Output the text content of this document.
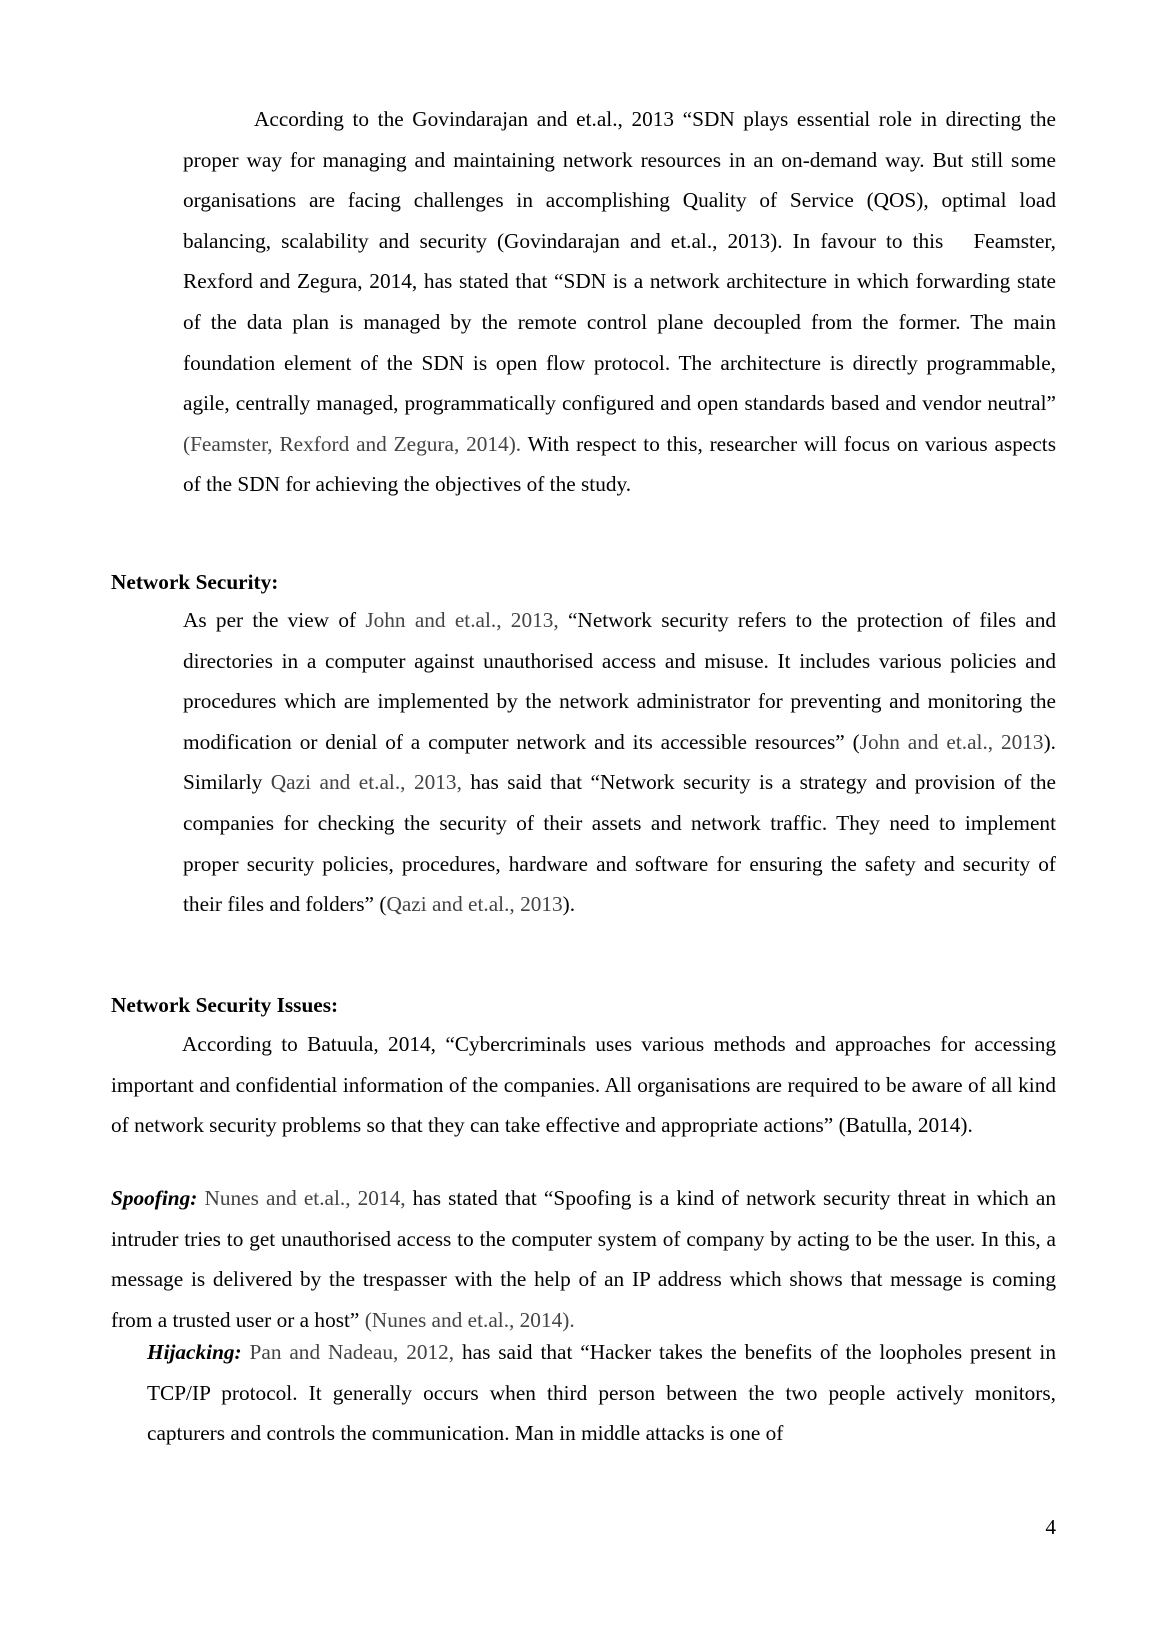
According to the Govindarajan and et.al., 2013 “SDN plays essential role in directing the proper way for managing and maintaining network resources in an on-demand way. But still some organisations are facing challenges in accomplishing Quality of Service (QOS), optimal load balancing, scalability and security (Govindarajan and et.al., 2013). In favour to this   Feamster, Rexford and Zegura, 2014, has stated that “SDN is a network architecture in which forwarding state of the data plan is managed by the remote control plane decoupled from the former. The main foundation element of the SDN is open flow protocol. The architecture is directly programmable, agile, centrally managed, programmatically configured and open standards based and vendor neutral” (Feamster, Rexford and Zegura, 2014). With respect to this, researcher will focus on various aspects of the SDN for achieving the objectives of the study.

Network Security:

As per the view of John and et.al., 2013, “Network security refers to the protection of files and directories in a computer against unauthorised access and misuse. It includes various policies and procedures which are implemented by the network administrator for preventing and monitoring the modification or denial of a computer network and its accessible resources” (John and et.al., 2013). Similarly Qazi and et.al., 2013, has said that “Network security is a strategy and provision of the companies for checking the security of their assets and network traffic. They need to implement proper security policies, procedures, hardware and software for ensuring the safety and security of their files and folders” (Qazi and et.al., 2013).

Network Security Issues:

According to Batuula, 2014, “Cybercriminals uses various methods and approaches for accessing important and confidential information of the companies. All organisations are required to be aware of all kind of network security problems so that they can take effective and appropriate actions” (Batulla, 2014).

Spoofing: Nunes and et.al., 2014, has stated that “Spoofing is a kind of network security threat in which an intruder tries to get unauthorised access to the computer system of company by acting to be the user. In this, a message is delivered by the trespasser with the help of an IP address which shows that message is coming from a trusted user or a host” (Nunes and et.al., 2014).

Hijacking: Pan and Nadeau, 2012, has said that “Hacker takes the benefits of the loopholes present in TCP/IP protocol. It generally occurs when third person between the two people actively monitors, capturers and controls the communication. Man in middle attacks is one of

4
